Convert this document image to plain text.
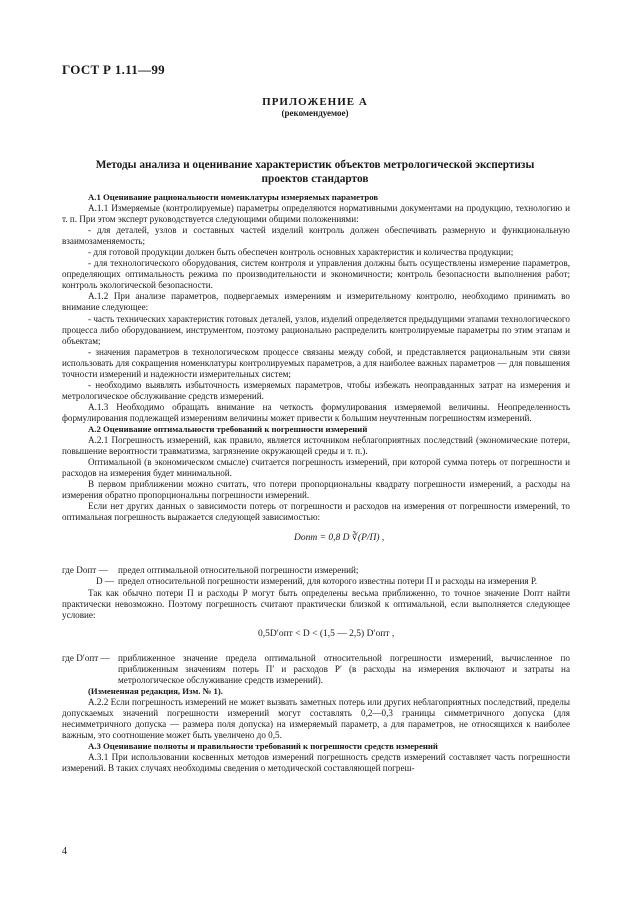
ГОСТ Р 1.11—99
ПРИЛОЖЕНИЕ А
(рекомендуемое)
Методы анализа и оценивание характеристик объектов метрологической экспертизы проектов стандартов

А.1 Оценивание рациональности номенклатуры измеряемых параметров

А.1.1 Измеряемые (контролируемые) параметры определяются нормативными документами на продукцию, технологию и т. п. При этом эксперт руководствуется следующими общими положениями:

- для деталей, узлов и составных частей изделий контроль должен обеспечивать размерную и функциональную взаимозаменяемость;

- для готовой продукции должен быть обеспечен контроль основных характеристик и количества продукции;

- для технологического оборудования, систем контроля и управления должны быть осуществлены измерение параметров, определяющих оптимальность режима по производительности и экономичности; контроль безопасности выполнения работ; контроль экологической безопасности.

А.1.2 При анализе параметров, подвергаемых измерениям и измерительному контролю, необходимо принимать во внимание следующее:

- часть технических характеристик готовых деталей, узлов, изделий определяется предыдущими этапами технологического процесса либо оборудованием, инструментом, поэтому рационально распределить контролируемые параметры по этим этапам и объектам;

- значения параметров в технологическом процессе связаны между собой, и представляется рациональным эти связи использовать для сокращения номенклатуры контролируемых параметров, а для наиболее важных параметров — для повышения точности измерений и надежности измерительных систем;

- необходимо выявлять избыточность измеряемых параметров, чтобы избежать неоправданных затрат на измерения и метрологическое обслуживание средств измерений.

А.1.3 Необходимо обращать внимание на четкость формулирования измеряемой величины. Неопределенность формулирования подлежащей измерениям величины может привести к большим неучтенным погрешностям измерений.

А.2 Оценивание оптимальности требований к погрешности измерений

А.2.1 Погрешность измерений, как правило, является источником неблагоприятных последствий (экономические потери, повышение вероятности травматизма, загрязнение окружающей среды и т. п.).

Оптимальной (в экономическом смысле) считается погрешность измерений, при которой сумма потерь от погрешности и расходов на измерения будет минимальной.

В первом приближении можно считать, что потери пропорциональны квадрату погрешности измерений, а расходы на измерения обратно пропорциональны погрешности измерений.

Если нет других данных о зависимости потерь от погрешности и расходов на измерения от погрешности измерений, то оптимальная погрешность выражается следующей зависимостью:

Dопт = 0,8 D ∛(P/П) ,
где Dопт —	предел оптимальной относительной погрешности измерений;
D — предел относительной погрешности измерений, для которого известны потери П и расходы на измерения Р.

Так как обычно потери П и расходы Р могут быть определены весьма приближенно, то точное значение Dопт найти практически невозможно. Поэтому погрешность считают практически близкой к оптимальной, если выполняется следующее условие:

0,5D′опт < D < (1,5 — 2,5) D′опт ,
где D′опт — приближенное значение предела оптимальной относительной погрешности измерений, вычисленное по приближенным значениям потерь П′ и расходов Р′ (в расходы на измерения включают и затраты на метрологическое обслуживание средств измерений).

(Измененная редакция, Изм. № 1).

А.2.2 Если погрешность измерений не может вызвать заметных потерь или других неблагоприятных последствий, пределы допускаемых значений погрешности измерений могут составлять 0,2—0,3 границы симметричного допуска (для несимметричного допуска — размера поля допуска) на измеряемый параметр, а для параметров, не относящихся к наиболее важным, это соотношение может быть увеличено до 0,5.

А.3 Оценивание полноты и правильности требований к погрешности средств измерений

А.3.1 При использовании косвенных методов измерений погрешность средств измерений составляет часть погрешности измерений. В таких случаях необходимы сведения о методической составляющей погреш-

4
